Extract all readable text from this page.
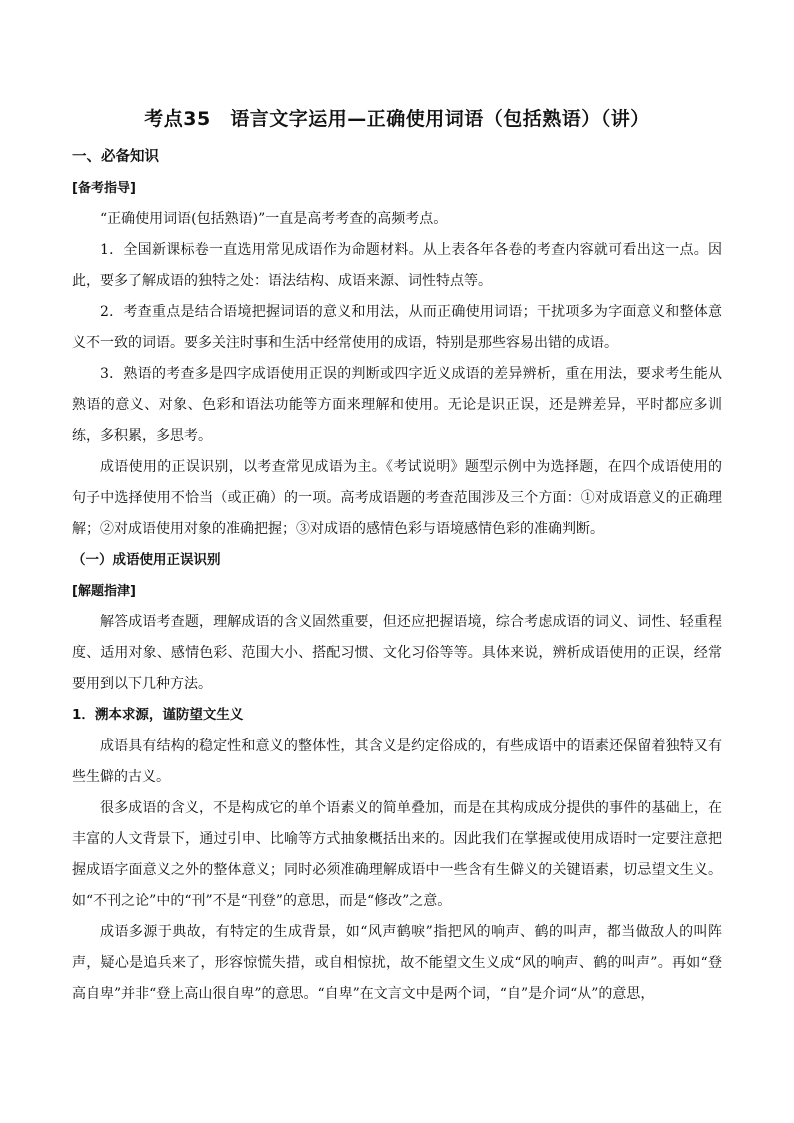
考点35　语言文字运用—正确使用词语（包括熟语）（讲）
一、必备知识
[备考指导]

“正确使用词语(包括熟语)”一直是高考考查的高频考点。

1．全国新课标卷一直选用常见成语作为命题材料。从上表各年各卷的考查内容就可看出这一点。因此，要多了解成语的独特之处：语法结构、成语来源、词性特点等。

2．考查重点是结合语境把握词语的意义和用法，从而正确使用词语；干扰项多为字面意义和整体意义不一致的词语。要多关注时事和生活中经常使用的成语，特别是那些容易出错的成语。

3．熟语的考查多是四字成语使用正误的判断或四字近义成语的差异辨析，重在用法，要求考生能从熟语的意义、对象、色彩和语法功能等方面来理解和使用。无论是识正误，还是辨差异，平时都应多训练，多积累，多思考。

成语使用的正误识别，以考查常见成语为主。《考试说明》题型示例中为选择题，在四个成语使用的句子中选择使用不恰当（或正确）的一项。高考成语题的考查范围涉及三个方面：①对成语意义的正确理解；②对成语使用对象的准确把握；③对成语的感情色彩与语境感情色彩的准确判断。

（一）成语使用正误识别

[解题指津]

解答成语考查题，理解成语的含义固然重要，但还应把握语境，综合考虑成语的词义、词性、轻重程度、适用对象、感情色彩、范围大小、搭配习惯、文化习俗等等。具体来说，辨析成语使用的正误，经常要用到以下几种方法。

1．溯本求源，谨防望文生义

成语具有结构的稳定性和意义的整体性，其含义是约定俗成的，有些成语中的语素还保留着独特又有些生僻的古义。

很多成语的含义，不是构成它的单个语素义的简单叠加，而是在其构成成分提供的事件的基础上，在丰富的人文背景下，通过引申、比喻等方式抽象概括出来的。因此我们在掌握或使用成语时一定要注意把握成语字面意义之外的整体意义；同时必须准确理解成语中一些含有生僻义的关键语素，切忌望文生义。如“不刊之论”中的“刊”不是“刊登”的意思，而是“修改”之意。

成语多源于典故，有特定的生成背景，如“风声鹤唳”指把风的响声、鹤的叫声，都当做敌人的叫阵声，疑心是追兵来了，形容惊慌失措，或自相惊扰，故不能望文生义成“风的响声、鹤的叫声”。再如“登高自卑”并非“登上高山很自卑”的意思。“自卑”在文言文中是两个词，“自”是介词“从”的意思，
